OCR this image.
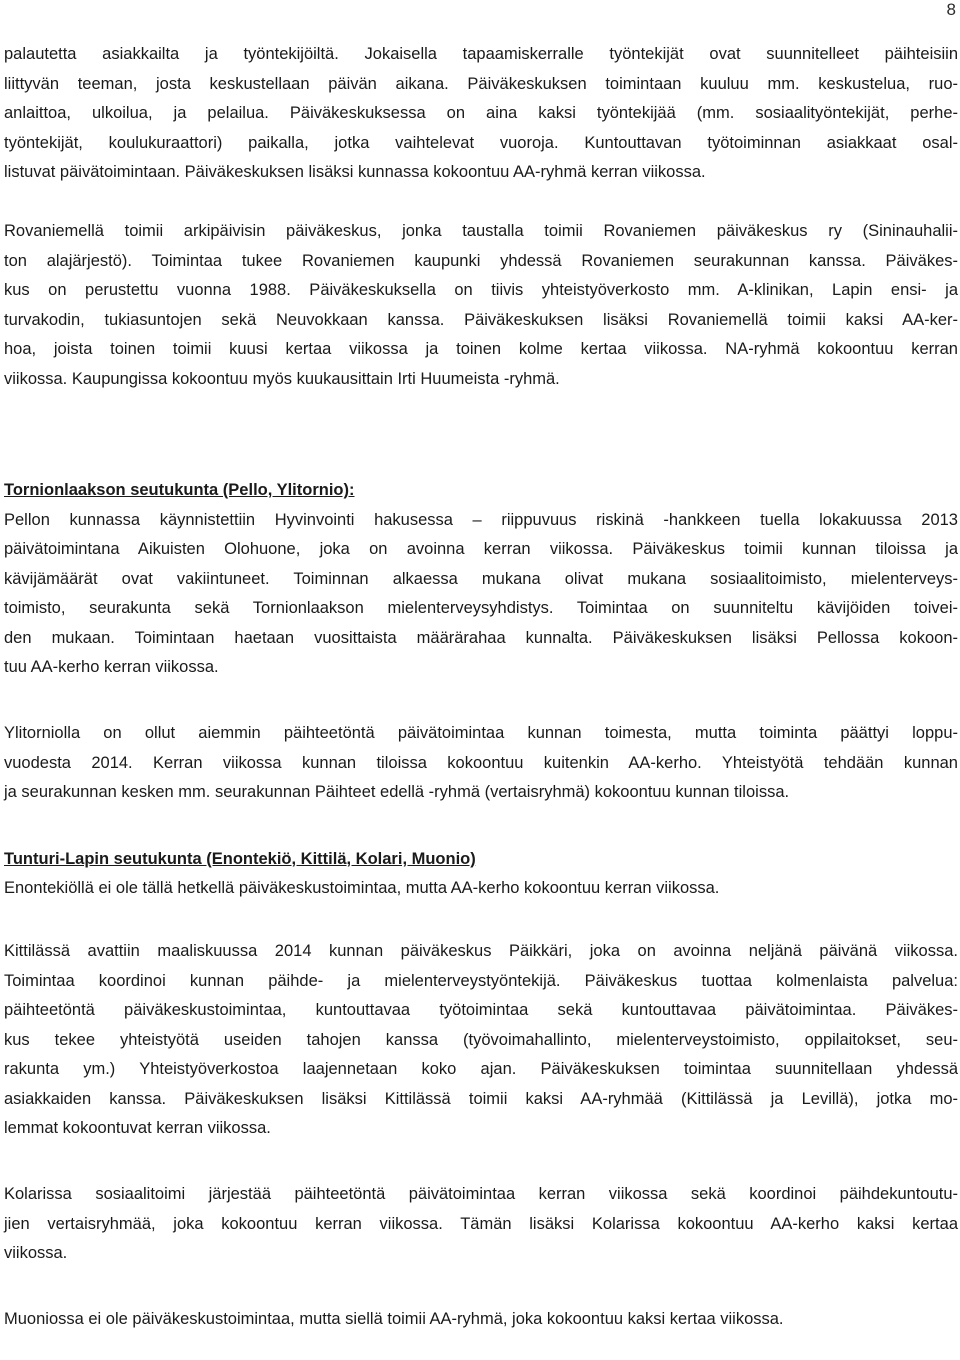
8
palautetta asiakkailta ja työntekijöiltä. Jokaisella tapaamiskerralle työntekijät ovat suunnitelleet päihteisiin
liittyvän teeman, josta keskustellaan päivän aikana. Päiväkeskuksen toimintaan kuuluu mm. keskustelua, ruo-
anlaittoa, ulkoilua, ja pelailua. Päiväkeskuksessa on aina kaksi työntekijää (mm. sosiaalityöntekijät, perhe-
työntekijät, koulukuraattori) paikalla, jotka vaihtelevat vuoroja. Kuntouttavan työtoiminnan asiakkaat osal-
listuvat päivätoimintaan. Päiväkeskuksen lisäksi kunnassa kokoontuu AA-ryhmä kerran viikossa.
Rovaniemellä toimii arkipäivisin päiväkeskus, jonka taustalla toimii Rovaniemen päiväkeskus ry (Sininauhalii-
ton alajärjestö). Toimintaa tukee Rovaniemen kaupunki yhdessä Rovaniemen seurakunnan kanssa. Päiväkes-
kus on perustettu vuonna 1988. Päiväkeskuksella on tiivis yhteistyöverkosto mm. A-klinikan, Lapin ensi- ja
turvakodin, tukiasuntojen sekä Neuvokkaan kanssa. Päiväkeskuksen lisäksi Rovaniemellä toimii kaksi AA-ker-
hoa, joista toinen toimii kuusi kertaa viikossa ja toinen kolme kertaa viikossa. NA-ryhmä kokoontuu kerran
viikossa. Kaupungissa kokoontuu myös kuukausittain Irti Huumeista -ryhmä.
Tornionlaakson seutukunta (Pello, Ylitornio):
Pellon kunnassa käynnistettiin Hyvinvointi hakusessa – riippuvuus riskinä -hankkeen tuella lokakuussa 2013
päivätoimintana Aikuisten Olohuone, joka on avoinna kerran viikossa. Päiväkeskus toimii kunnan tiloissa ja
kävijämäärät ovat vakiintuneet. Toiminnan alkaessa mukana olivat mukana sosiaalitoimisto, mielenterveys-
toimisto, seurakunta sekä Tornionlaakson mielenterveysyhdistys. Toimintaa on suunniteltu kävijöiden toivei-
den mukaan. Toimintaan haetaan vuosittaista määrärahaa kunnalta. Päiväkeskuksen lisäksi Pellossa kokoon-
tuu AA-kerho kerran viikossa.
Ylitorniolla on ollut aiemmin päihteetöntä päivätoimintaa kunnan toimesta, mutta toiminta päättyi loppu-
vuodesta 2014. Kerran viikossa kunnan tiloissa kokoontuu kuitenkin AA-kerho. Yhteistyötä tehdään kunnan
ja seurakunnan kesken mm. seurakunnan Päihteet edellä -ryhmä (vertaisryhmä) kokoontuu kunnan tiloissa.
Tunturi-Lapin seutukunta (Enontekiö, Kittilä, Kolari, Muonio)
Enontekiöllä ei ole tällä hetkellä päiväkeskustoimintaa, mutta AA-kerho kokoontuu kerran viikossa.
Kittilässä avattiin maaliskuussa 2014 kunnan päiväkeskus Päikkäri, joka on avoinna neljänä päivänä viikossa.
Toimintaa koordinoi kunnan päihde- ja mielenterveystyöntekijä. Päiväkeskus tuottaa kolmenlaista palvelua:
päihteetöntä päiväkeskustoimintaa, kuntouttavaa työtoimintaa sekä kuntouttavaa päivätoimintaa. Päiväkes-
kus tekee yhteistyötä useiden tahojen kanssa (työvoimahallinto, mielenterveystoimisto, oppilaitokset, seu-
rakunta ym.) Yhteistyöverkostoa laajennetaan koko ajan. Päiväkeskuksen toimintaa suunnitellaan yhdessä
asiakkaiden kanssa. Päiväkeskuksen lisäksi Kittilässä toimii kaksi AA-ryhmää (Kittilässä ja Levillä), jotka mo-
lemmat kokoontuvat kerran viikossa.
Kolarissa sosiaalitoimi järjestää päihteetöntä päivätoimintaa kerran viikossa sekä koordinoi päihdekuntoutu-
jien vertaisryhmää, joka kokoontuu kerran viikossa. Tämän lisäksi Kolarissa kokoontuu AA-kerho kaksi kertaa
viikossa.
Muoniossa ei ole päiväkeskustoimintaa, mutta siellä toimii AA-ryhmä, joka kokoontuu kaksi kertaa viikossa.
